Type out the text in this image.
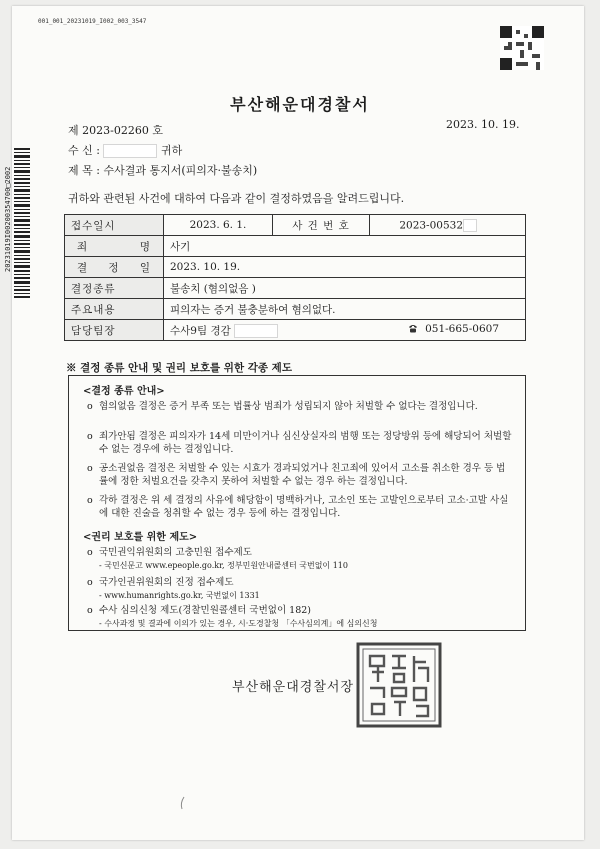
001_001_20231019_I002_003_3547
20231019I00200354700□2002
부산해운대경찰서
제 2023-02260 호	2023. 10. 19.
수 신 :	귀하
제 목 : 수사결과 통지서(피의자·불송치)
귀하와 관련된 사건에 대하여 다음과 같이 결정하였음을 알려드립니다.
접수일시	2023. 6. 1.	사 건 번 호	2023-00532
죄 명	사기		
결 정 일	2023. 10. 19.		
결정종류	불송치 (혐의없음 )		
주요내용	피의자는 증거 불충분하여 혐의없다.		
담당팀장	수사9팀 경감 051-665-0607		
※ 결정 종류 안내 및 권리 보호를 위한 각종 제도
<결정 종류 안내>
o 혐의없음 결정은 증거 부족 또는 법률상 범죄가 성립되지 않아 처벌할 수 없다는 결정입니다.
o 죄가안됨 결정은 피의자가 14세 미만이거나 심신상실자의 범행 또는 정당방위 등에 해당되어 처벌할 수 없는 경우에 하는 결정입니다.
o 공소권없음 결정은 처벌할 수 있는 시효가 경과되었거나 친고죄에 있어서 고소를 취소한 경우 등 법률에 정한 처벌요건을 갖추지 못하여 처벌할 수 없는 경우 하는 결정입니다.
o 각하 결정은 위 세 결정의 사유에 해당함이 명백하거나, 고소인 또는 고발인으로부터 고소·고발 사실에 대한 진술을 청취할 수 없는 경우 등에 하는 결정입니다.
<권리 보호를 위한 제도>
o 국민권익위원회의 고충민원 접수제도
- 국민신문고 www.epeople.go.kr, 정부민원안내콜센터 국번없이 110
o 국가인권위원회의 진정 접수제도
- www.humanrights.go.kr, 국번없이 1331
o 수사 심의신청 제도(경찰민원콜센터 국번없이 182)
- 수사과정 및 결과에 이의가 있는 경우, 시·도경찰청 「수사심의계」에 심의신청
부산해운대경찰서장
